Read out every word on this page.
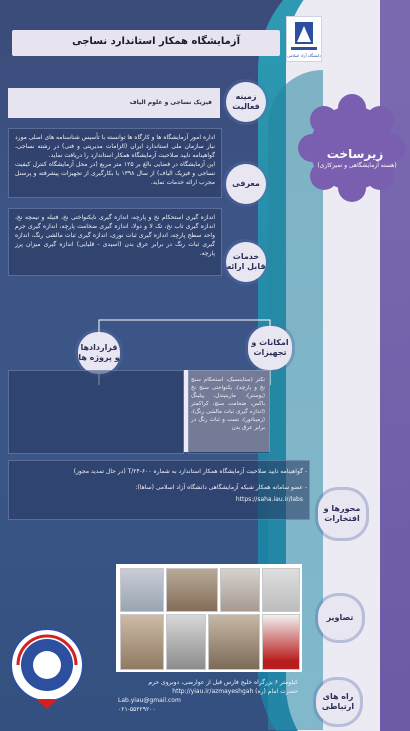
آزمایشگاه همکار استاندارد نساجی
دانشگاه آزاد اسلامی
فیزیک نساجی و علوم الیاف
زمینه فعالیت
اداره امور آزمایشگاه ها و کارگاه ها توانسته با تأسیس شناسنامه های اصلی مورد نیاز سازمان ملی استاندارد ایران (الزامات مدیریتی و فنی) در رشته نساجی، گواهینامه تایید صلاحیت آزمایشگاه همکار استاندارد را دریافت نماید.
این آزمایشگاه در فضایی بالغ بر ۱۲۵ متر مربع (در محل آزمایشگاه کنترل کیفیت نساجی و فیزیک الیاف) از سال ۱۳۹۸ با بکارگیری از تجهیزات پیشرفته و پرسنل مجرب ارائه خدمات نماید.	معرفی
اندازه گیری استحکام نخ و پارچه، اندازه گیری نایکنواختی نخ، فتیله و نیمچه نخ، اندازه گیری تاب نخ، تک لا و دولا، اندازه گیری ضخامت پارچه، اندازه گیری جرم واحد سطح پارچه، اندازه گیری ثبات نوری، اندازه گیری ثبات مالشی رنگ، اندازه گیری ثبات رنگ در برابر عرق بدن (اسیدی - قلیایی) اندازه گیری میزان پرز پارچه.	خدمات قابل ارائه
قراردادها و پروژه ها
امکانات و تجهیزات
تکتر (ستاینسیک، استحکام سنج نخ و پارچه)، یکنواختی سنج نخ (یوستر)، ماریتیندل، پیلینگ باکس، ضخامت سنج، کراکمتر (اندازه گیری ثبات مالشی رنگ)، (زمیناتور)، تست و ثبات رنگ در برابر عرق بدن
- گواهینامه تایید صلاحیت آزمایشگاه همکار استاندارد به شماره ۶۰۰-T/۲۴ (در حال تمدید مجوز)
- عضو سامانه همکار شبکه آزمایشگاهی دانشگاه آزاد اسلامی (ساها):
https://saha.iau.ir/labs
محورها و افتخارات
تصاویر
کیلومتر ۶ بزرگراه خلیج فارس قبل از عوارضی، دوبروی حرم
حضرت امام (ره) http://yiau.ir/azmayeshgah
Lab.yiau@gmail.com
۰۲۱-۵۵۲۲۹۲۰۰
راه های ارتباطی
زیرساخت
(هسته آزمایشگاهی و تمیزکاری)
